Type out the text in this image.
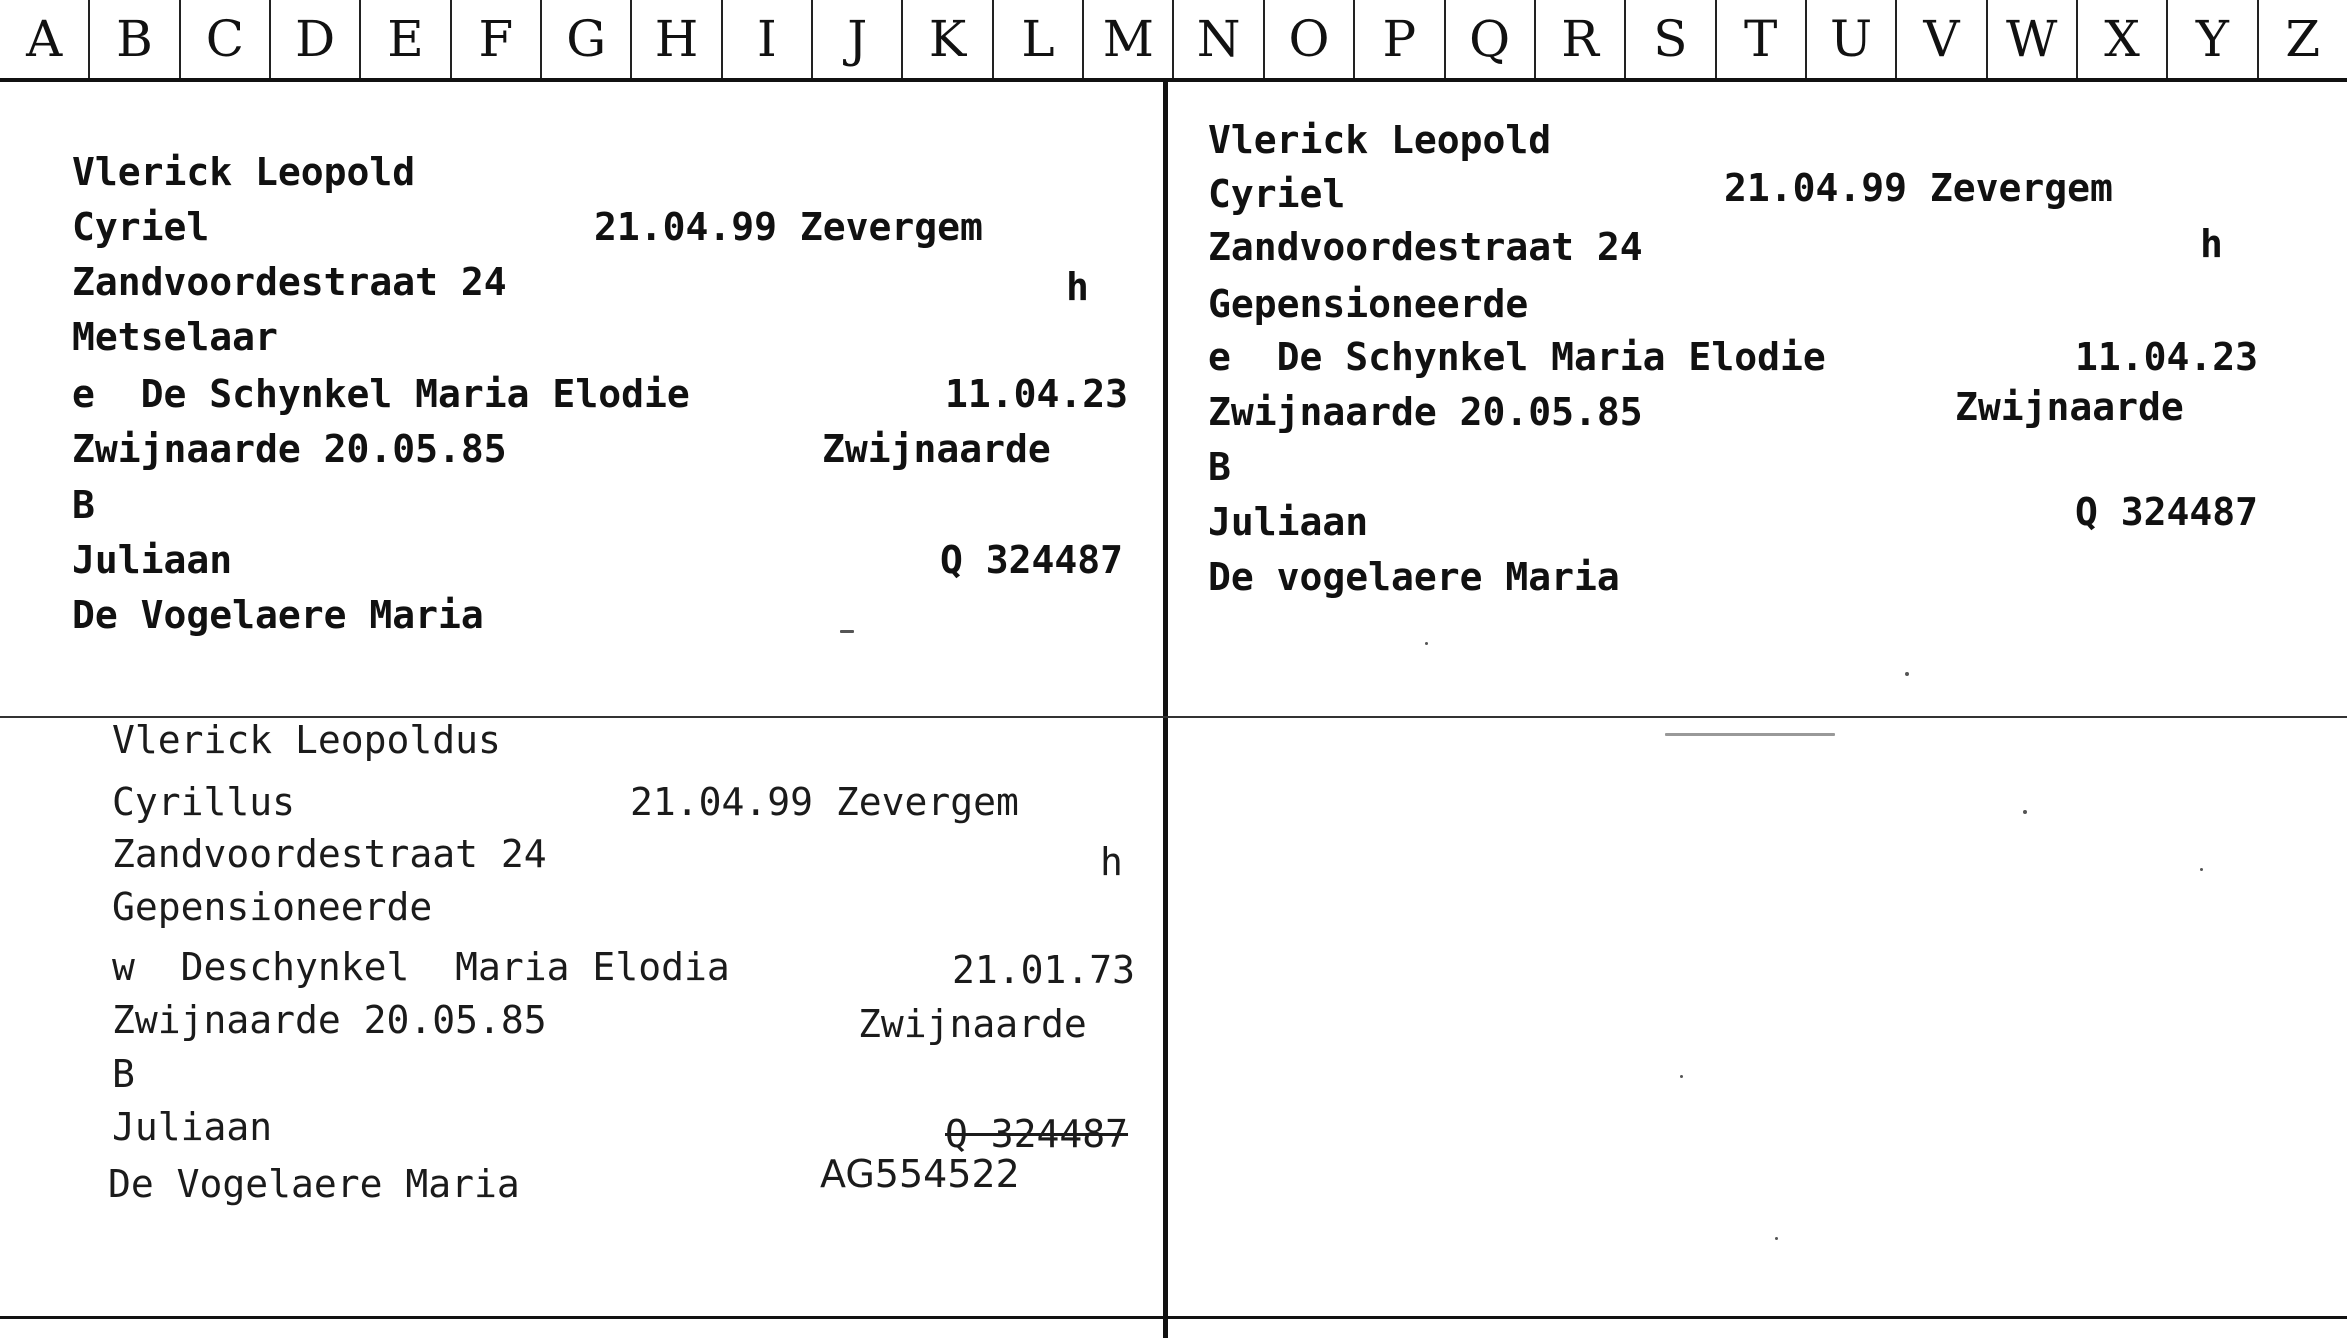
A	B	C	D	E	F	G H	I	J	K	L M N O	P	Q	R	S	T	U	V W X	Y	Z
Vlerick Leopold
Cyriel	21.04.99 Zevergem
Zandvoordestraat 24	h
Metselaar
e  De Schynkel Maria Elodie	11.04.23
Zwijnaarde 20.05.85	Zwijnaarde
B
Juliaan	Q 324487
De Vogelaere Maria
Vlerick Leopold
Cyriel	21.04.99 Zevergem
Zandvoordestraat 24	h
Gepensioneerde
e  De Schynkel Maria Elodie	11.04.23
Zwijnaarde 20.05.85	Zwijnaarde
B
Juliaan	Q 324487
De vogelaere Maria
Vlerick Leopoldus
Cyrillus	21.04.99 Zevergem
Zandvoordestraat 24	h
Gepensioneerde
w  Deschynkel  Maria Elodia	21.01.73
Zwijnaarde 20.05.85	Zwijnaarde
B
Juliaan	Q 324487
De Vogelaere Maria	AG554522
